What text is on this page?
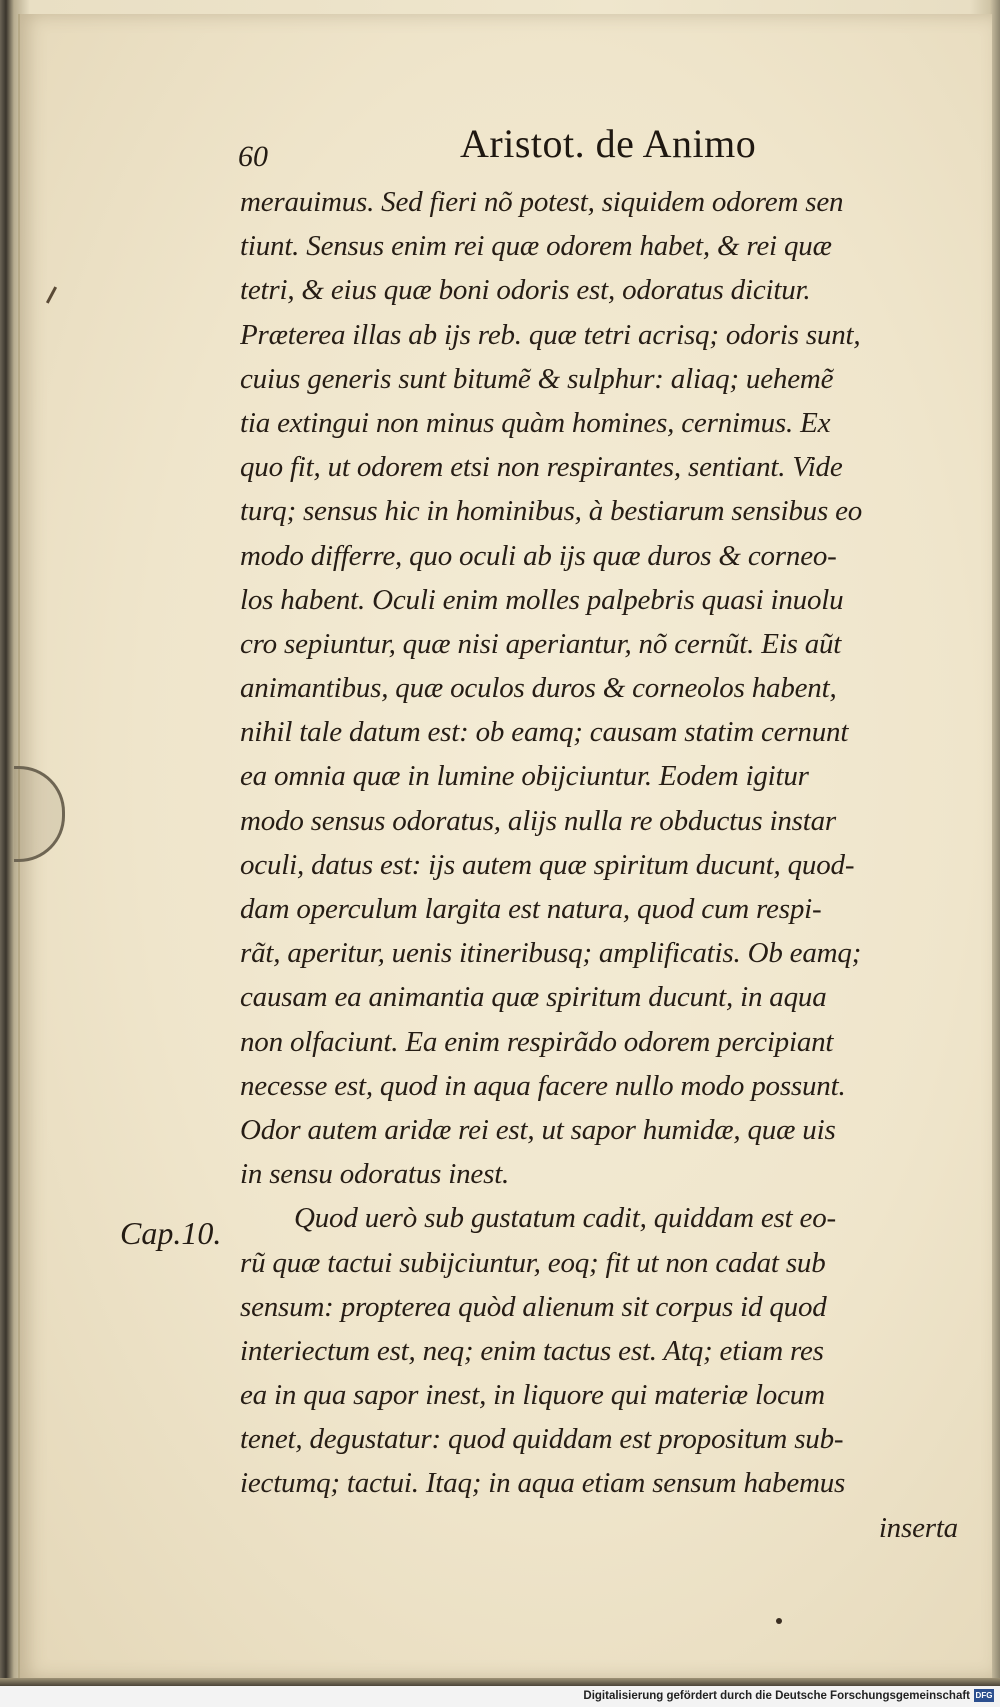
60	Aristot. de Animo
Cap.10.
merauimus. Sed fieri nõ potest, siquidem odorem sen
tiunt. Sensus enim rei quæ odorem habet, & rei quæ
tetri, & eius quæ boni odoris est, odoratus dicitur.
Præterea illas ab ijs reb. quæ tetri acrisq; odoris sunt,
cuius generis sunt bitumẽ & sulphur: aliaq; uehemẽ
tia extingui non minus quàm homines, cernimus. Ex
quo fit, ut odorem etsi non respirantes, sentiant. Vide
turq; sensus hic in hominibus, à bestiarum sensibus eo
modo differre, quo oculi ab ijs quæ duros & corneo-
los habent. Oculi enim molles palpebris quasi inuolu
cro sepiuntur, quæ nisi aperiantur, nõ cernũt. Eis aũt
animantibus, quæ oculos duros & corneolos habent,
nihil tale datum est: ob eamq; causam statim cernunt
ea omnia quæ in lumine obijciuntur. Eodem igitur
modo sensus odoratus, alijs nulla re obductus instar
oculi, datus est: ijs autem quæ spiritum ducunt, quod-
dam operculum largita est natura, quod cum respi-
rãt, aperitur, uenis itineribusq; amplificatis. Ob eamq;
causam ea animantia quæ spiritum ducunt, in aqua
non olfaciunt. Ea enim respirãdo odorem percipiant
necesse est, quod in aqua facere nullo modo possunt.
Odor autem aridæ rei est, ut sapor humidæ, quæ uis
in sensu odoratus inest.
Quod uerò sub gustatum cadit, quiddam est eo-
rũ quæ tactui subijciuntur, eoq; fit ut non cadat sub
sensum: propterea quòd alienum sit corpus id quod
interiectum est, neq; enim tactus est. Atq; etiam res
ea in qua sapor inest, in liquore qui materiæ locum
tenet, degustatur: quod quiddam est propositum sub-
iectumq; tactui. Itaq; in aqua etiam sensum habemus
inserta
Digitalisierung gefördert durch die Deutsche Forschungsgemeinschaft DFG
